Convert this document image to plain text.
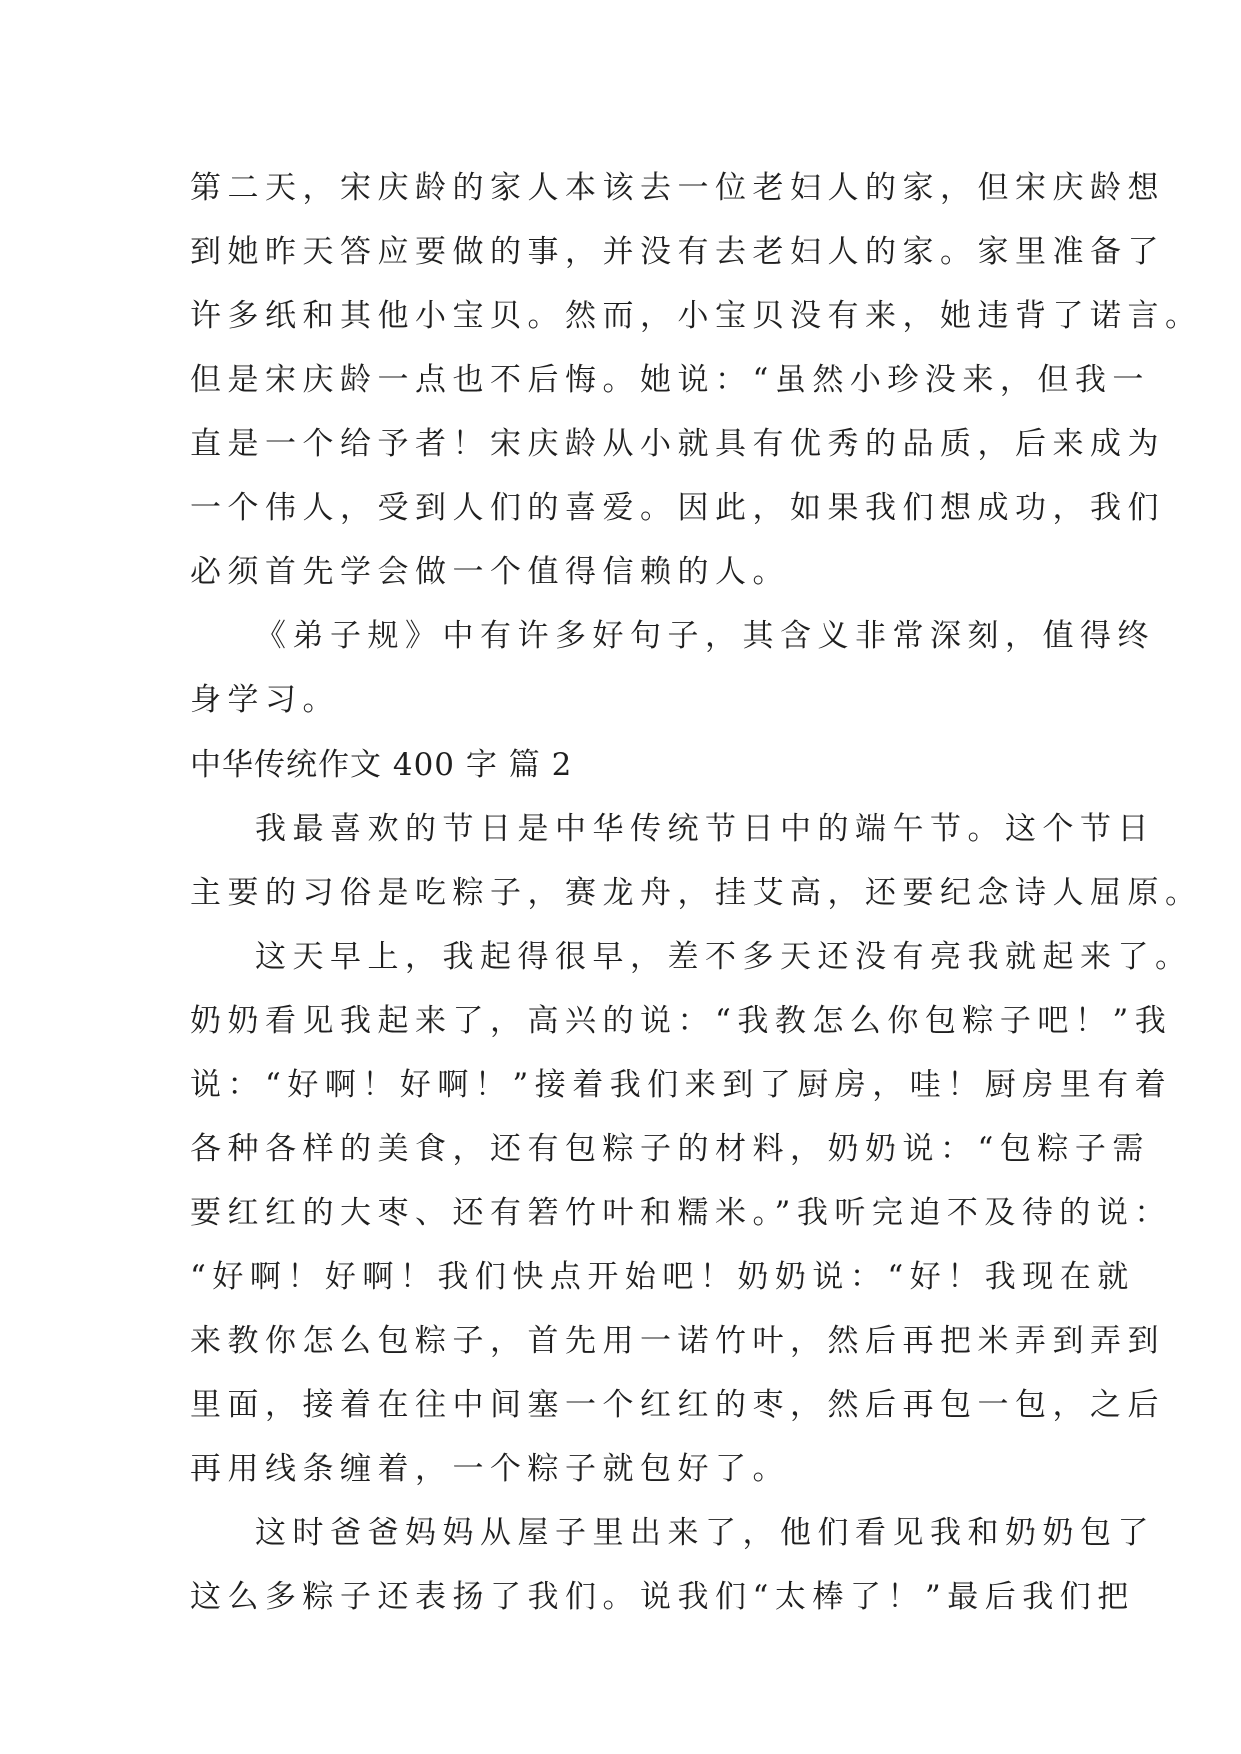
第二天，宋庆龄的家人本该去一位老妇人的家，但宋庆龄想
到她昨天答应要做的事，并没有去老妇人的家。家里准备了
许多纸和其他小宝贝。然而，小宝贝没有来，她违背了诺言。
但是宋庆龄一点也不后悔。她说：“虽然小珍没来，但我一
直是一个给予者！宋庆龄从小就具有优秀的品质，后来成为
一个伟人，受到人们的喜爱。因此，如果我们想成功，我们
必须首先学会做一个值得信赖的人。
《弟子规》中有许多好句子，其含义非常深刻，值得终
身学习。
中华传统作文 400 字 篇 2
我最喜欢的节日是中华传统节日中的端午节。这个节日
主要的习俗是吃粽子，赛龙舟，挂艾高，还要纪念诗人屈原。
这天早上，我起得很早，差不多天还没有亮我就起来了。
奶奶看见我起来了，高兴的说：“我教怎么你包粽子吧！”我
说：“好啊！好啊！”接着我们来到了厨房，哇！厨房里有着
各种各样的美食，还有包粽子的材料，奶奶说：“包粽子需
要红红的大枣、还有箬竹叶和糯米。”我听完迫不及待的说：
“好啊！好啊！我们快点开始吧！奶奶说：“好！我现在就
来教你怎么包粽子，首先用一诺竹叶，然后再把米弄到弄到
里面，接着在往中间塞一个红红的枣，然后再包一包，之后
再用线条缠着，一个粽子就包好了。
这时爸爸妈妈从屋子里出来了，他们看见我和奶奶包了
这么多粽子还表扬了我们。说我们“太棒了！”最后我们把
